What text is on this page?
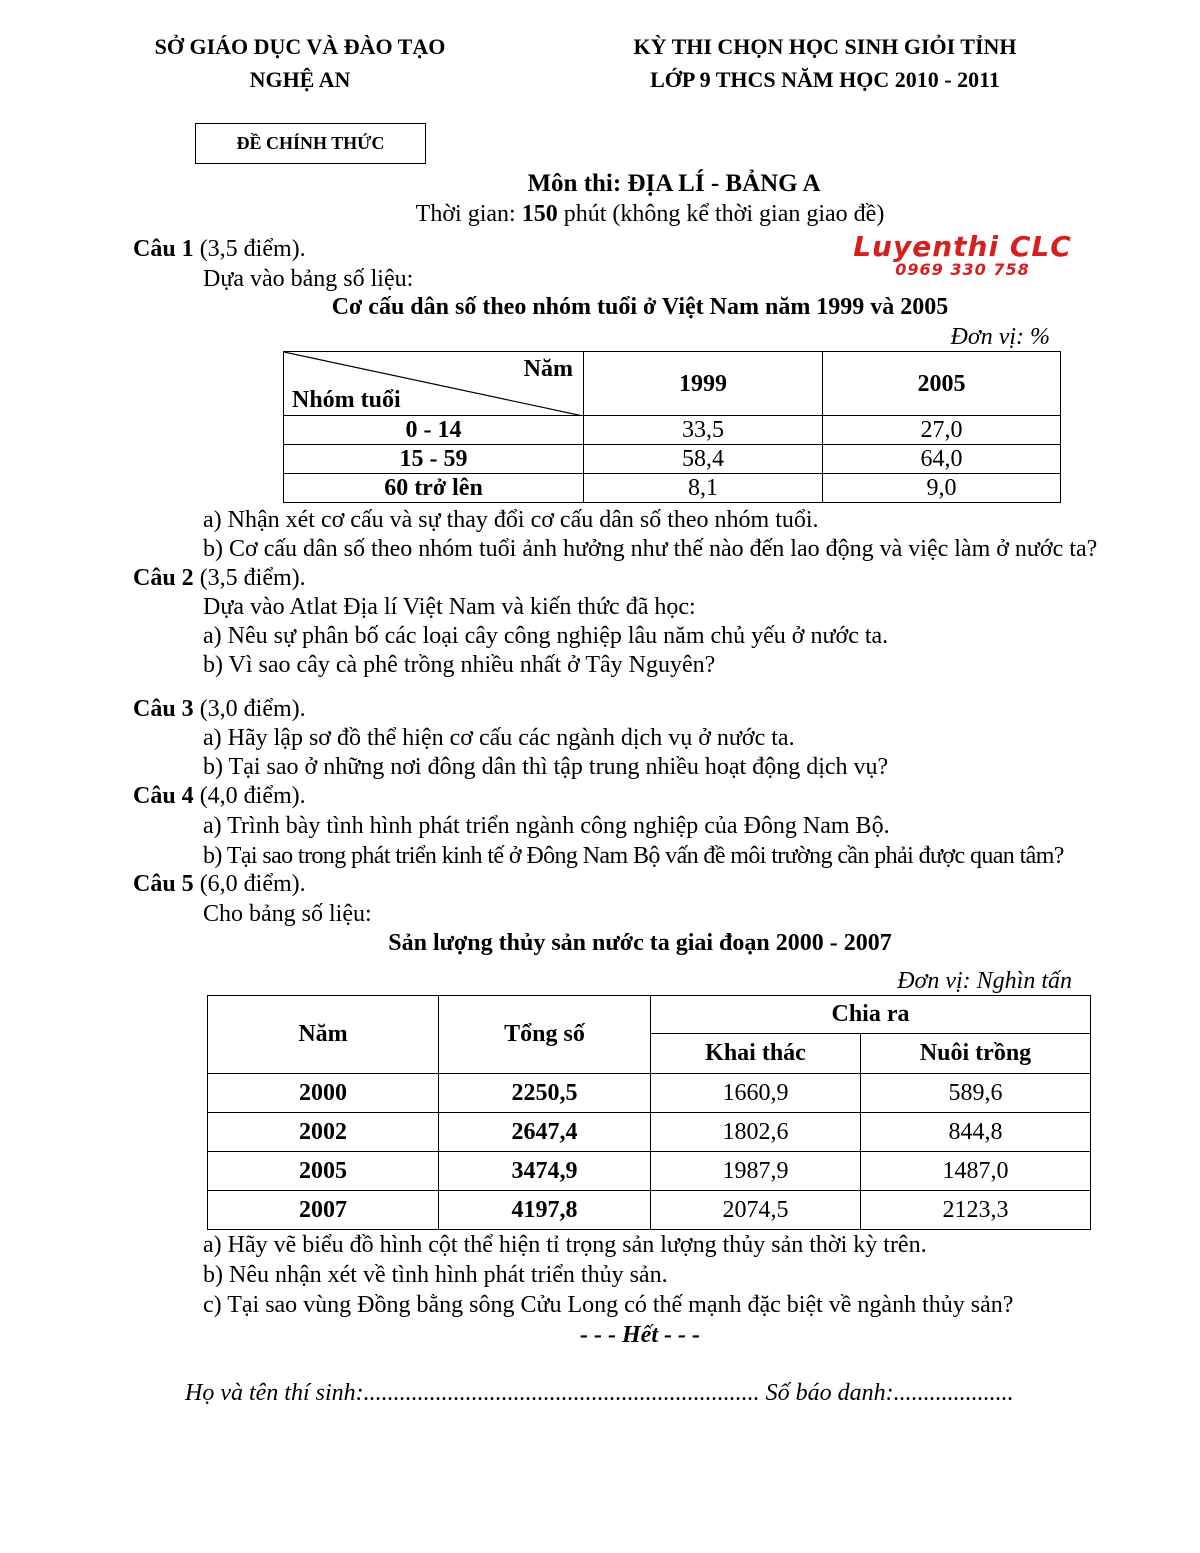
SỞ GIÁO DỤC VÀ ĐÀO TẠO
NGHỆ AN
KỲ THI CHỌN HỌC SINH GIỎI TỈNH
LỚP 9 THCS NĂM HỌC 2010 - 2011
ĐỀ CHÍNH THỨC
Môn thi: ĐỊA LÍ - BẢNG A
Thời gian: 150 phút (không kể thời gian giao đề)
Luyenthi CLC
0969 330 758
Câu 1 (3,5 điểm).
Dựa vào bảng số liệu:
Cơ cấu dân số theo nhóm tuổi ở Việt Nam năm 1999 và 2005
Đơn vị: %
Năm
Nhóm tuổi	1999	2005
0 - 14	33,5	27,0
15 - 59	58,4	64,0
60 trở lên	8,1	9,0
a) Nhận xét cơ cấu và sự thay đổi cơ cấu dân số theo nhóm tuổi.
b) Cơ cấu dân số theo nhóm tuổi ảnh hưởng như thế nào đến lao động và việc làm ở nước ta?
Câu 2 (3,5 điểm).
Dựa vào Atlat Địa lí Việt Nam và kiến thức đã học:
a) Nêu sự phân bố các loại cây công nghiệp lâu năm chủ yếu ở nước ta.
b) Vì sao cây cà phê trồng nhiều nhất ở Tây Nguyên?
Câu 3 (3,0 điểm).
a) Hãy lập sơ đồ thể hiện cơ cấu các ngành dịch vụ ở nước ta.
b) Tại sao ở những nơi đông dân thì tập trung nhiều hoạt động dịch vụ?
Câu 4 (4,0 điểm).
a) Trình bày tình hình phát triển ngành công nghiệp của Đông Nam Bộ.
b) Tại sao trong phát triển kinh tế ở Đông Nam Bộ vấn đề môi trường cần phải được quan tâm?
Câu 5 (6,0 điểm).
Cho bảng số liệu:
Sản lượng thủy sản nước ta giai đoạn 2000 - 2007
Đơn vị: Nghìn tấn
Năm	Tổng số	Chia ra	
		Khai thác	Nuôi trồng
2000	2250,5	1660,9	589,6
2002	2647,4	1802,6	844,8
2005	3474,9	1987,9	1487,0
2007	4197,8	2074,5	2123,3
a) Hãy vẽ biểu đồ hình cột thể hiện tỉ trọng sản lượng thủy sản thời kỳ trên.
b) Nêu nhận xét về tình hình phát triển thủy sản.
c) Tại sao vùng Đồng bằng sông Cửu Long có thế mạnh đặc biệt về ngành thủy sản?
- - - Hết - - -
Họ và tên thí sinh:.................................................................. Số báo danh:....................
